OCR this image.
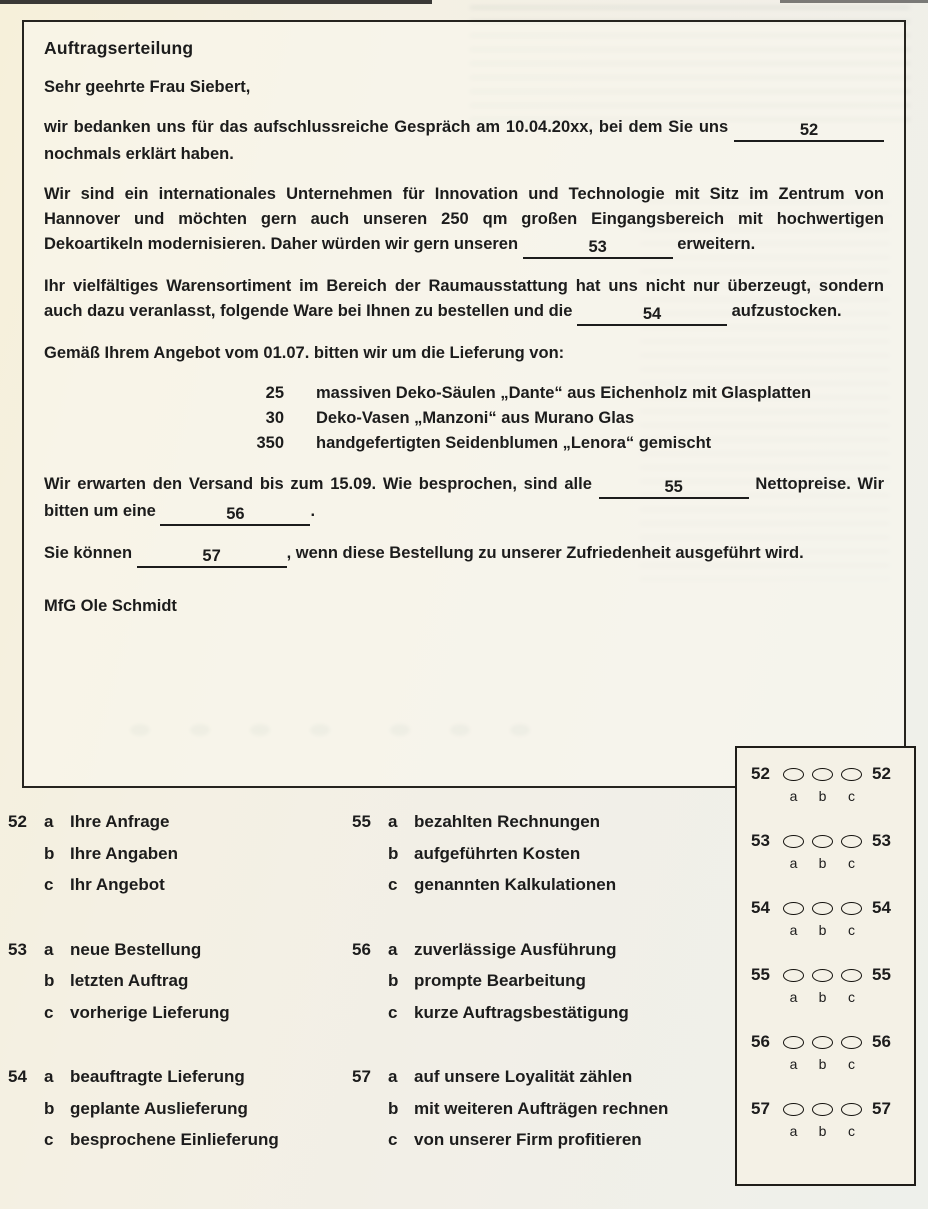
Auftragserteilung

Sehr geehrte Frau Siebert,

wir bedanken uns für das aufschlussreiche Gespräch am 10.04.20xx, bei dem Sie uns	52 nochmals erklärt haben.

Wir sind ein internationales Unternehmen für Innovation und Technologie mit Sitz im Zentrum von Hannover und möchten gern auch unseren 250 qm großen Eingangsbereich mit hochwertigen Dekoartikeln modernisieren. Daher würden wir gern unseren	53	erweitern.

Ihr vielfältiges Warensortiment im Bereich der Raumausstattung hat uns nicht nur überzeugt, sondern auch dazu veranlasst, folgende Ware bei Ihnen zu bestellen und die	54	aufzustocken.

Gemäß Ihrem Angebot vom 01.07. bitten wir um die Lieferung von:

25 massiven Deko-Säulen „Dante“ aus Eichenholz mit Glasplatten
30 Deko-Vasen „Manzoni“ aus Murano Glas
350 handgefertigten Seidenblumen „Lenora“ gemischt

Wir erwarten den Versand bis zum 15.09. Wie besprochen, sind alle	55	Nettopreise. Wir bitten um eine	56	.

Sie können	57	, wenn diese Bestellung zu unserer Zufriedenheit ausgeführt wird.

MfG Ole Schmidt

52	a Ihre Anfrage
b Ihre Angaben
c Ihr Angebot
53	a neue Bestellung
b letzten Auftrag
c vorherige Lieferung
54	a beauftragte Lieferung
b geplante Auslieferung
c besprochene Einlieferung
55	a bezahlten Rechnungen
b aufgeführten Kosten
c genannten Kalkulationen
56	a zuverlässige Ausführung
b prompte Bearbeitung
c kurze Auftragsbestätigung
57	a auf unsere Loyalität zählen
b mit weiteren Aufträgen rechnen
c von unserer Firm profitieren
52	52
a	b	c
53	53
a	b	c
54	54
a	b	c
55	55
a	b	c
56	56
a	b	c
57	57
a	b	c
